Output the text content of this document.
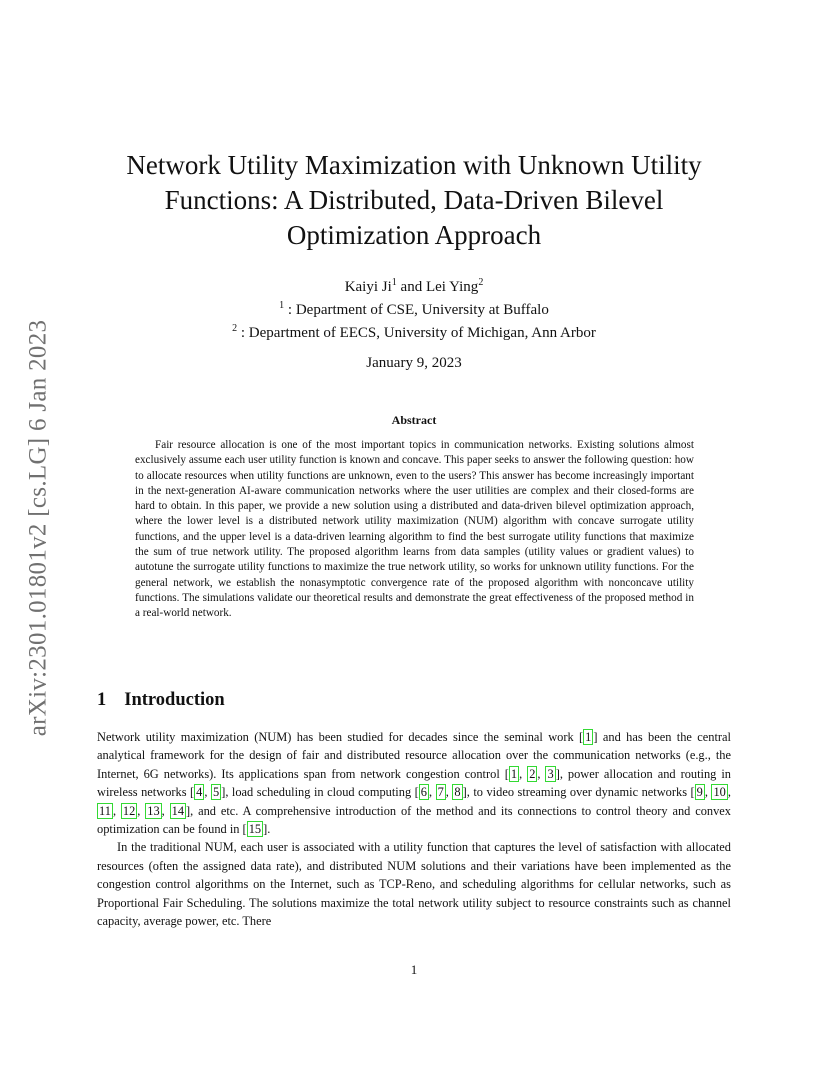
arXiv:2301.01801v2 [cs.LG] 6 Jan 2023
Network Utility Maximization with Unknown Utility
Functions: A Distributed, Data-Driven Bilevel
Optimization Approach
Kaiyi Ji$^1$ and Lei Ying$^2$
$^1$ : Department of CSE, University at Buffalo
$^2$ : Department of EECS, University of Michigan, Ann Arbor
January 9, 2023
Abstract

Fair resource allocation is one of the most important topics in communication networks. Existing solutions almost exclusively assume each user utility function is known and concave. This paper seeks to answer the following question: how to allocate resources when utility functions are unknown, even to the users? This answer has become increasingly important in the next-generation AI-aware communication networks where the user utilities are complex and their closed-forms are hard to obtain. In this paper, we provide a new solution using a distributed and data-driven bilevel optimization approach, where the lower level is a distributed network utility maximization (NUM) algorithm with concave surrogate utility functions, and the upper level is a data-driven learning algorithm to find the best surrogate utility functions that maximize the sum of true network utility. The proposed algorithm learns from data samples (utility values or gradient values) to autotune the surrogate utility functions to maximize the true network utility, so works for unknown utility functions. For the general network, we establish the nonasymptotic convergence rate of the proposed algorithm with nonconcave utility functions. The simulations validate our theoretical results and demonstrate the great effectiveness of the proposed method in a real-world network.

1 Introduction

Network utility maximization (NUM) has been studied for decades since the seminal work [ 1 ] and has been the central analytical framework for the design of fair and distributed resource allocation over the communication networks (e.g., the Internet, 6G networks). Its applications span from network congestion control [ 1 , 2 , 3 ], power allocation and routing in wireless networks [ 4 , 5 ], load scheduling in cloud computing [ 6 , 7 , 8 ], to video streaming over dynamic networks [ 9 , 10 , 11 , 12 , 13 , 14 ], and etc. A comprehensive introduction of the method and its connections to control theory and convex optimization can be found in [ 15 ].

In the traditional NUM, each user is associated with a utility function that captures the level of satisfaction with allocated resources (often the assigned data rate), and distributed NUM solutions and their variations have been implemented as the congestion control algorithms on the Internet, such as TCP-Reno, and scheduling algorithms for cellular networks, such as Proportional Fair Scheduling. The solutions maximize the total network utility subject to resource constraints such as channel capacity, average power, etc. There

1
